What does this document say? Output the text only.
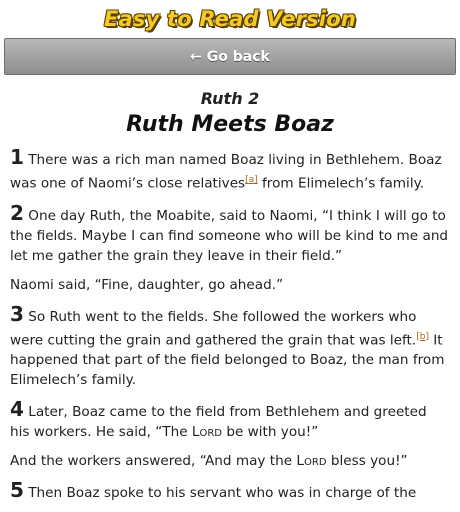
Easy to Read Version
← Go back
Ruth 2
Ruth Meets Boaz

1 There was a rich man named Boaz living in Bethlehem. Boaz was one of Naomi’s close relatives[a] from Elimelech’s family.

2 One day Ruth, the Moabite, said to Naomi, “I think I will go to the fields. Maybe I can find someone who will be kind to me and let me gather the grain they leave in their field.”

Naomi said, “Fine, daughter, go ahead.”

3 So Ruth went to the fields. She followed the workers who were cutting the grain and gathered the grain that was left.[b] It happened that part of the field belonged to Boaz, the man from Elimelech’s family.

4 Later, Boaz came to the field from Bethlehem and greeted his workers. He said, “The Lord be with you!”

And the workers answered, “And may the Lord bless you!”

5 Then Boaz spoke to his servant who was in charge of the
